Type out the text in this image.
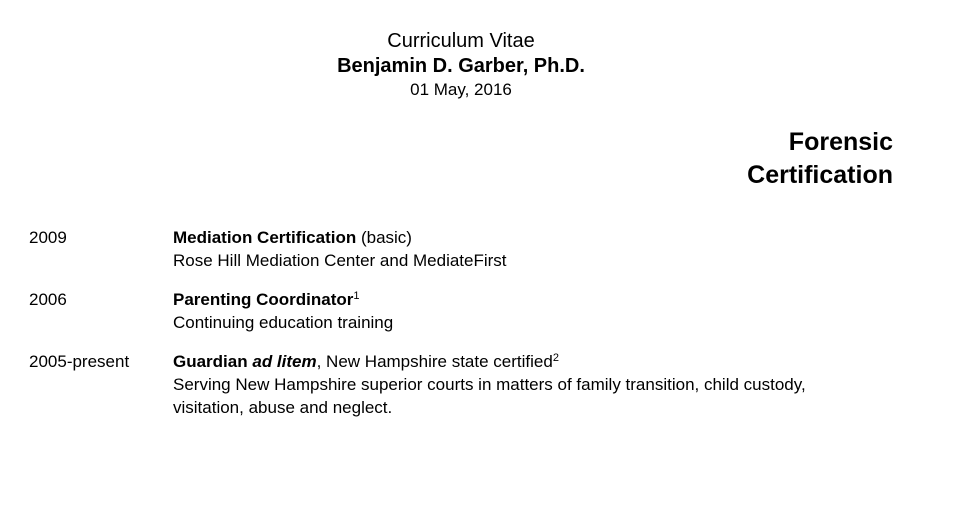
Curriculum Vitae
Benjamin D. Garber, Ph.D.
01 May, 2016
Forensic
Certification
2009	Mediation Certification (basic)
Rose Hill Mediation Center and MediateFirst
2006	Parenting Coordinator$^1$
Continuing education training
2005-present	Guardian ad litem, New Hampshire state certified$^2$
Serving New Hampshire superior courts in matters of family transition, child custody, visitation, abuse and neglect.
